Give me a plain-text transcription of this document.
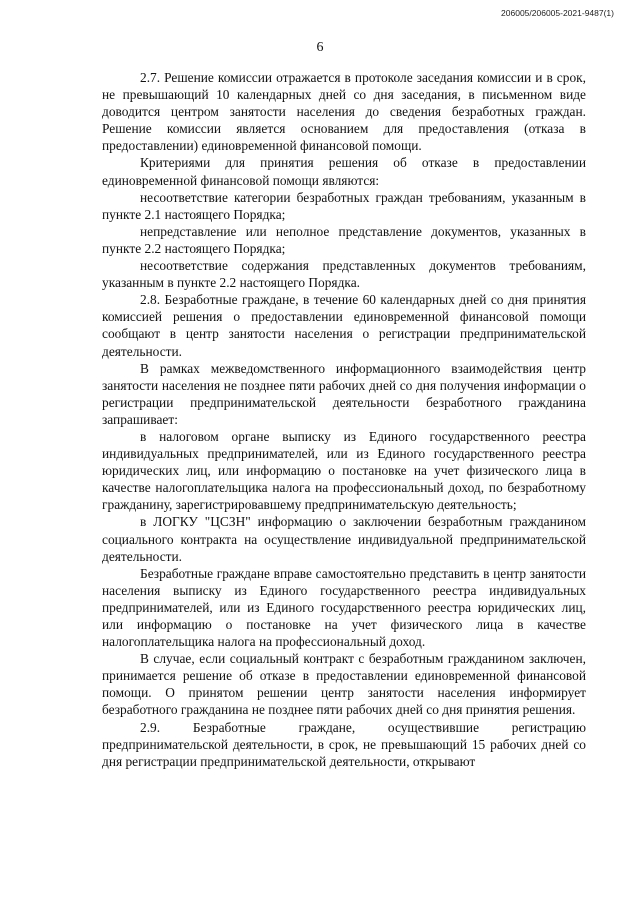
206005/206005-2021-9487(1)
6

2.7. Решение комиссии отражается в протоколе заседания комиссии и в срок, не превышающий 10 календарных дней со дня заседания, в письменном виде доводится центром занятости населения до сведения безработных граждан. Решение комиссии является основанием для предоставления (отказа в предоставлении) единовременной финансовой помощи.

Критериями для принятия решения об отказе в предоставлении единовременной финансовой помощи являются:

несоответствие категории безработных граждан требованиям, указанным в пункте 2.1 настоящего Порядка;

непредставление или неполное представление документов, указанных в пункте 2.2 настоящего Порядка;

несоответствие содержания представленных документов требованиям, указанным в пункте 2.2 настоящего Порядка.

2.8. Безработные граждане, в течение 60 календарных дней со дня принятия комиссией решения о предоставлении единовременной финансовой помощи сообщают в центр занятости населения о регистрации предпринимательской деятельности.

В рамках межведомственного информационного взаимодействия центр занятости населения не позднее пяти рабочих дней со дня получения информации о регистрации предпринимательской деятельности безработного гражданина запрашивает:

в налоговом органе выписку из Единого государственного реестра индивидуальных предпринимателей, или из Единого государственного реестра юридических лиц, или информацию о постановке на учет физического лица в качестве налогоплательщика налога на профессиональный доход, по безработному гражданину, зарегистрировавшему предпринимательскую деятельность;

в ЛОГКУ "ЦСЗН" информацию о заключении безработным гражданином социального контракта на осуществление индивидуальной предпринимательской деятельности.

Безработные граждане вправе самостоятельно представить в центр занятости населения выписку из Единого государственного реестра индивидуальных предпринимателей, или из Единого государственного реестра юридических лиц, или информацию о постановке на учет физического лица в качестве налогоплательщика налога на профессиональный доход.

В случае, если социальный контракт с безработным гражданином заключен, принимается решение об отказе в предоставлении единовременной финансовой помощи. О принятом решении центр занятости населения информирует безработного гражданина не позднее пяти рабочих дней со дня принятия решения.

2.9. Безработные граждане, осуществившие регистрацию предпринимательской деятельности, в срок, не превышающий 15 рабочих дней со дня регистрации предпринимательской деятельности, открывают
